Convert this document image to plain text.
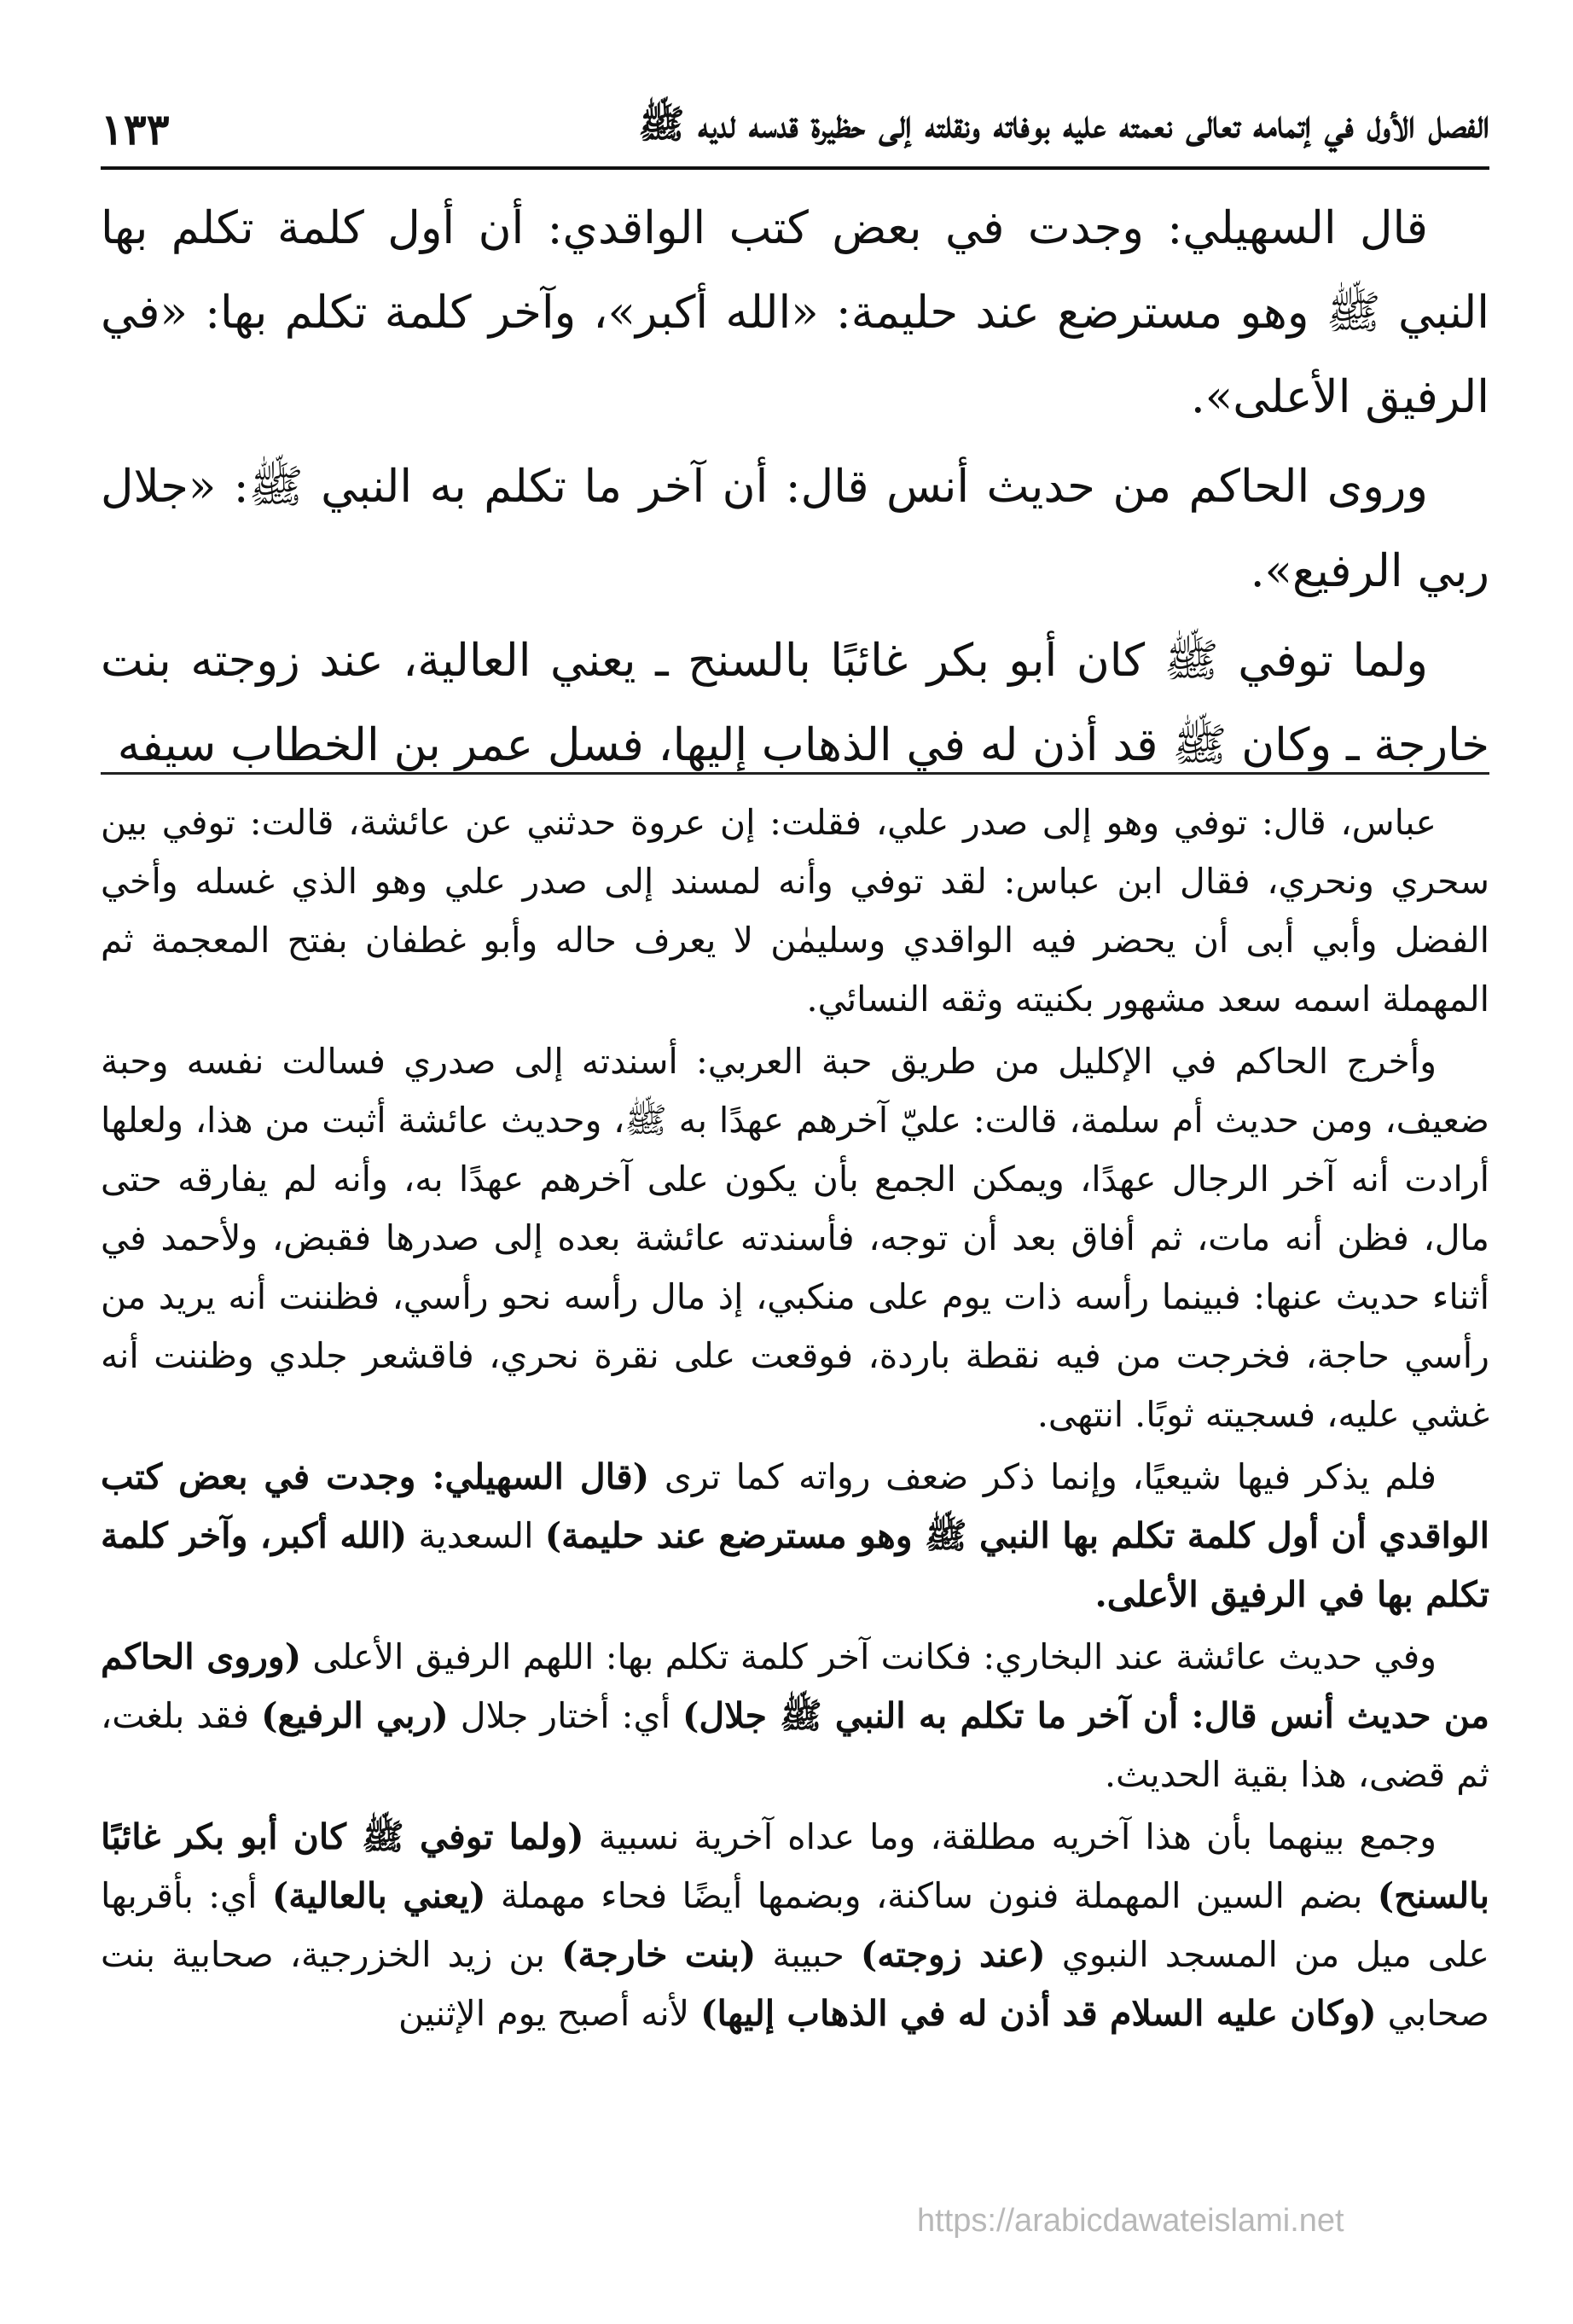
الفصل الأول في إتمامه تعالى نعمته عليه بوفاته ونقلته إلى حظيرة قدسه لديه ﷺ
١٣٣

قال السهيلي: وجدت في بعض كتب الواقدي: أن أول كلمة تكلم بها النبي ﷺ وهو مسترضع عند حليمة: «الله أكبر»، وآخر كلمة تكلم بها: «في الرفيق الأعلى».

وروى الحاكم من حديث أنس قال: أن آخر ما تكلم به النبي ﷺ: «جلال ربي الرفيع».

ولما توفي ﷺ كان أبو بكر غائبًا بالسنح ـ يعني العالية، عند زوجته بنت خارجة ـ وكان ﷺ قد أذن له في الذهاب إليها، فسل عمر بن الخطاب سيفه

عباس، قال: توفي وهو إلى صدر علي، فقلت: إن عروة حدثني عن عائشة، قالت: توفي بين سحري ونحري، فقال ابن عباس: لقد توفي وأنه لمسند إلى صدر علي وهو الذي غسله وأخي الفضل وأبي أبى أن يحضر فيه الواقدي وسليمٰن لا يعرف حاله وأبو غطفان بفتح المعجمة ثم المهملة اسمه سعد مشهور بكنيته وثقه النسائي.

وأخرج الحاكم في الإكليل من طريق حبة العربي: أسندته إلى صدري فسالت نفسه وحبة ضعيف، ومن حديث أم سلمة، قالت: عليّ آخرهم عهدًا به ﷺ، وحديث عائشة أثبت من هذا، ولعلها أرادت أنه آخر الرجال عهدًا، ويمكن الجمع بأن يكون على آخرهم عهدًا به، وأنه لم يفارقه حتى مال، فظن أنه مات، ثم أفاق بعد أن توجه، فأسندته عائشة بعده إلى صدرها فقبض، ولأحمد في أثناء حديث عنها: فبينما رأسه ذات يوم على منكبي، إذ مال رأسه نحو رأسي، فظننت أنه يريد من رأسي حاجة، فخرجت من فيه نقطة باردة، فوقعت على نقرة نحري، فاقشعر جلدي وظننت أنه غشي عليه، فسجيته ثوبًا. انتهى.

فلم يذكر فيها شيعيًا، وإنما ذكر ضعف رواته كما ترى (قال السهيلي: وجدت في بعض كتب الواقدي أن أول كلمة تكلم بها النبي ﷺ وهو مسترضع عند حليمة) السعدية (الله أكبر، وآخر كلمة تكلم بها في الرفيق الأعلى.

وفي حديث عائشة عند البخاري: فكانت آخر كلمة تكلم بها: اللهم الرفيق الأعلى (وروى الحاكم من حديث أنس قال: أن آخر ما تكلم به النبي ﷺ جلال) أي: أختار جلال (ربي الرفيع) فقد بلغت، ثم قضى، هذا بقية الحديث.

وجمع بينهما بأن هذا آخريه مطلقة، وما عداه آخرية نسبية (ولما توفي ﷺ كان أبو بكر غائبًا بالسنح) بضم السين المهملة فنون ساكنة، وبضمها أيضًا فحاء مهملة (يعني بالعالية) أي: بأقربها على ميل من المسجد النبوي (عند زوجته) حبيبة (بنت خارجة) بن زيد الخزرجية، صحابية بنت صحابي (وكان عليه السلام قد أذن له في الذهاب إليها) لأنه أصبح يوم الإثنين

https://arabicdawateislami.net
